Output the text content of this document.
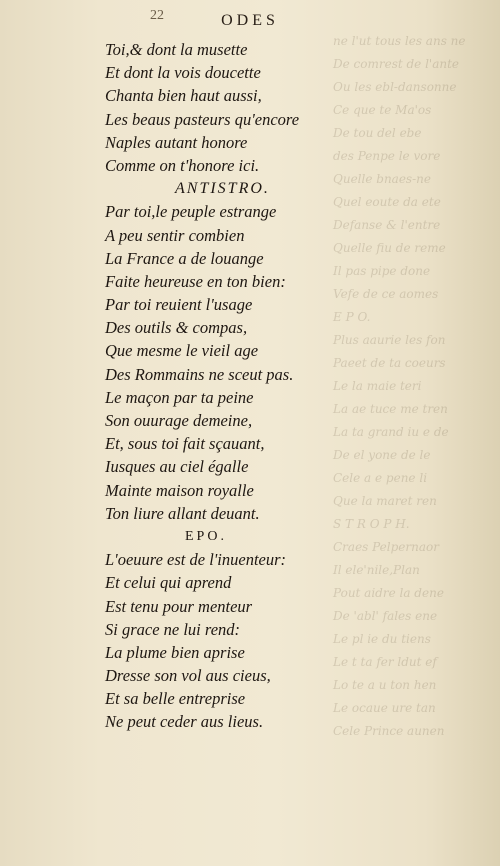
ne l'ut tous les ans ne
De comrest de l'ante
Ou les ebl-dansonne
Ce que te Ma'os
De tou del ebe
des Penpe le vore
Quelle bnaes-ne
Quel eoute da ete
Defanse & l'entre
Quelle fiu de reme
Il pas pipe done
Vefe de ce aomes
E P O.
Plus aaurie les fon
Paeet de ta coeurs
Le la maie teri
La ae tuce me tren
La ta grand iu e de
De el yone de le
Cele a e pene li
Que la maret ren
S T R O P H.
Craes Pelpernaor
Il ele'nile,Plan
Pout aidre la dene
De 'abl' fales ene
Le pl ie du tiens
Le t ta fer ldut ef
Lo te a u ton hen
Le ocaue ure tan
Cele Prince aunen
22	ODES
Toi,& dont la musette
Et dont la vois doucette
Chanta bien haut aussi,
Les beaus pasteurs qu'encore
Naples autant honore
Comme on t'honore ici.
ANTISTRO.
Par toi,le peuple estrange
A peu sentir combien
La France a de louange
Faite heureuse en ton bien:
Par toi reuient l'usage
Des outils & compas,
Que mesme le vieil age
Des Rommains ne sceut pas.
Le maçon par ta peine
Son ouurage demeine,
Et, sous toi fait sçauant,
Iusques au ciel égalle
Mainte maison royalle
Ton liure allant deuant.
EPO.
L'oeuure est de l'inuenteur:
Et celui qui aprend
Est tenu pour menteur
Si grace ne lui rend:
La plume bien aprise
Dresse son vol aus cieus,
Et sa belle entreprise
Ne peut ceder aus lieus.
